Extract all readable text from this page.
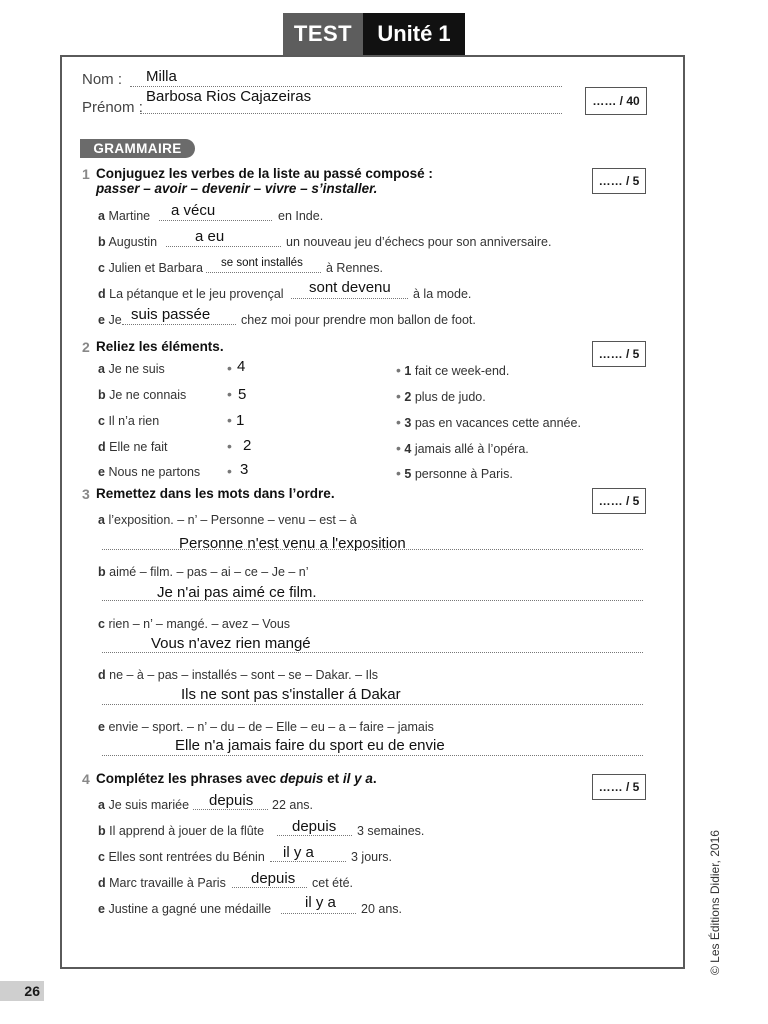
TEST	Unité 1
Nom : Milla
Prénom :
Barbosa Rios Cajazeiras	…… / 40
GRAMMAIRE
1 Conjuguez les verbes de la liste au passé composé :
passer – avoir – devenir – vivre – s’installer.	…… / 5
a Martine a vécu	en Inde.
b Augustin	a eu	un nouveau jeu d’échecs pour son anniversaire.
c Julien et Barbara se sont installés à Rennes.
d La pétanque et le jeu provençal sont devenu à la mode.
e Je suis passée chez moi pour prendre mon ballon de foot.
2 Reliez les éléments.	…… / 5
a Je ne suis	• 4
b Je ne connais	• 5
c Il n’a rien	• 1
d Elle ne fait	• 2
e Nous ne partons • 3
• 1 fait ce week-end.
• 2 plus de judo.
• 3 pas en vacances cette année.
• 4 jamais allé à l’opéra.
• 5 personne à Paris.
3 Remettez dans les mots dans l’ordre.	…… / 5
a l’exposition. – n’ – Personne – venu – est – à
Personne n'est venu a l'exposition
b aimé – film. – pas – ai – ce – Je – n’
Je n'ai pas aimé ce film.
c rien – n’ – mangé. – avez – Vous
Vous n'avez rien mangé
d ne – à – pas – installés – sont – se – Dakar. – Ils
Ils ne sont pas s'installer á Dakar
e envie – sport. – n’ – du – de – Elle – eu – a – faire – jamais
Elle n'a jamais faire du sport eu de envie
4 Complétez les phrases avec depuis et il y a.
…… / 5
a Je suis mariée depuis 22 ans.
b Il apprend à jouer de la flûte depuis 3 semaines.
c Elles sont rentrées du Bénin il y a	3 jours.
d Marc travaille à Paris depuis cet été.
e Justine a gagné une médaille il y a 20 ans.
26
© Les Éditions Didier, 2016
